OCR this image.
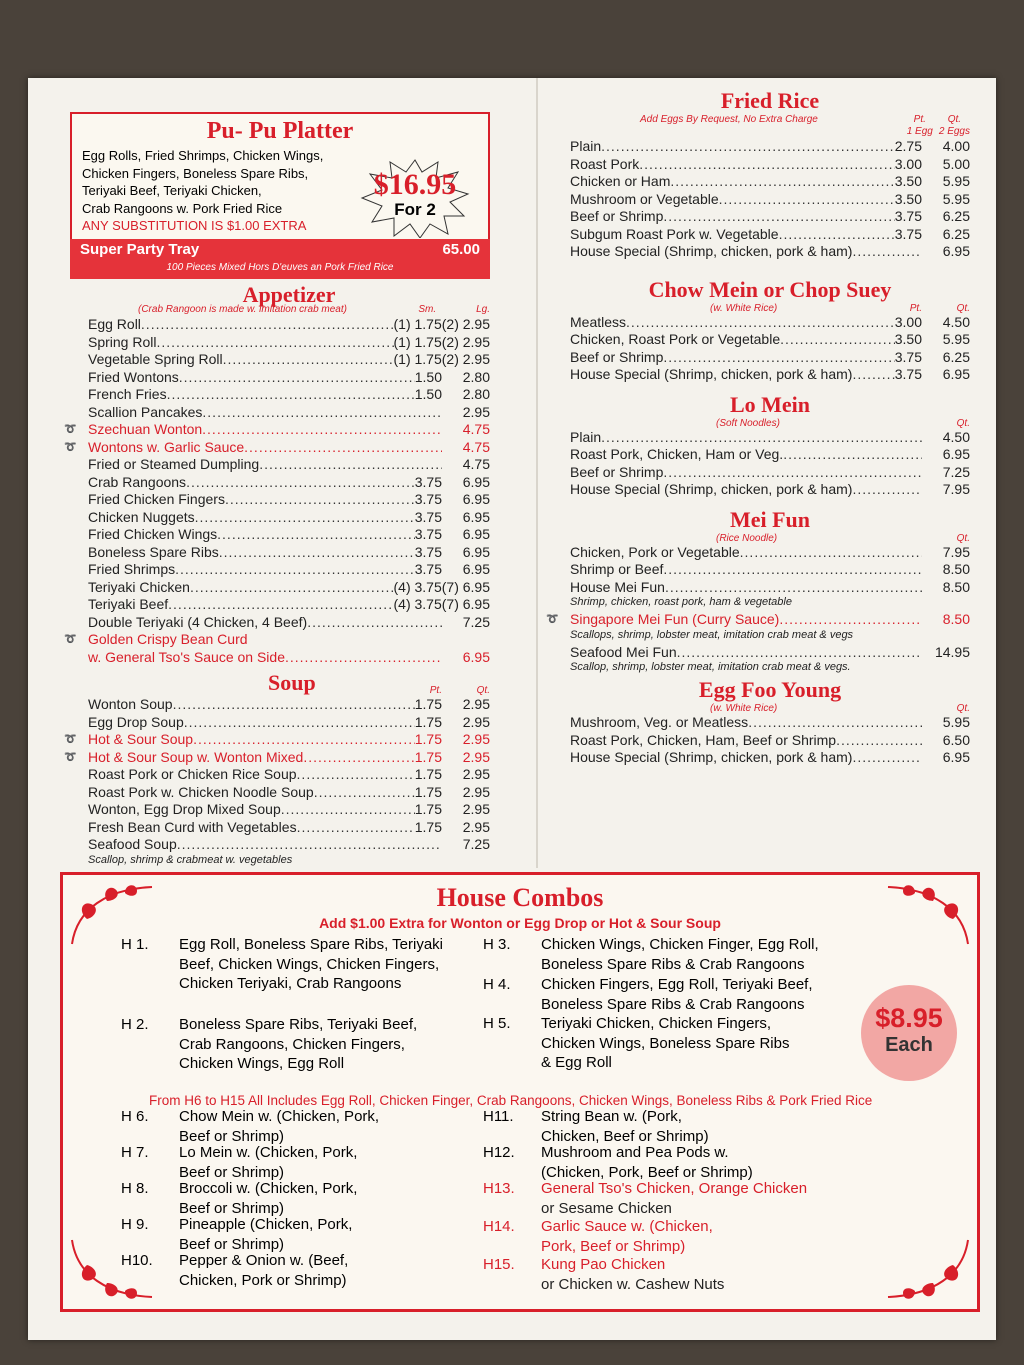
Pu- Pu Platter
Egg Rolls, Fried Shrimps, Chicken Wings,
Chicken Fingers, Boneless Spare Ribs,
Teriyaki Beef, Teriyaki Chicken,
Crab Rangoons w. Pork Fried Rice
ANY SUBSTITUTION IS $1.00 EXTRA
$16.95
For 2
Super Party Tray	65.00
100 Pieces Mixed Hors D'euves an Pork Fried Rice
Appetizer
(Crab Rangoon is made w. imitation crab meat)	Sm.	Lg.
Egg Roll .....	(1) 1.75 (2) 2.95
Spring Roll .....	(1) 1.75 (2) 2.95
Vegetable Spring Roll .....	(1) 1.75 (2) 2.95
Fried Wontons .....	1.50	2.80
French Fries .....	1.50	2.80
Scallion Pancakes .....	2.95
➰ Szechuan Wonton .....	4.75
➰ Wontons w. Garlic Sauce .....	4.75
Fried or Steamed Dumpling .....	4.75
Crab Rangoons .....	3.75	6.95
Fried Chicken Fingers .....	3.75	6.95
Chicken Nuggets .....	3.75	6.95
Fried Chicken Wings .....	3.75	6.95
Boneless Spare Ribs .....	3.75	6.95
Fried Shrimps .....	3.75	6.95
Teriyaki Chicken .....	(4) 3.75 (7) 6.95
Teriyaki Beef .....	(4) 3.75 (7) 6.95
Double Teriyaki (4 Chicken, 4 Beef) .....	7.25
➰ Golden Crispy Bean Curd
w. General Tso's Sauce on Side .....	6.95
Soup	Pt.	Qt.
Wonton Soup .....	1.75	2.95
Egg Drop Soup .....	1.75	2.95
➰ Hot & Sour Soup .....	1.75	2.95
➰ Hot & Sour Soup w. Wonton Mixed .....	1.75	2.95
Roast Pork or Chicken Rice Soup .....	1.75	2.95
Roast Pork w. Chicken Noodle Soup .....	1.75	2.95
Wonton, Egg Drop Mixed Soup .....	1.75	2.95
Fresh Bean Curd with Vegetables .....	1.75	2.95
Seafood Soup .....	7.25
Scallop, shrimp & crabmeat w. vegetables
Fried Rice
Add Eggs By Request, No Extra Charge	Pt.
1 Egg
Qt.
2 Eggs
Plain .....	2.75	4.00
Roast Pork .....	3.00	5.00
Chicken or Ham .....	3.50	5.95
Mushroom or Vegetable .....	3.50	5.95
Beef or Shrimp .....	3.75	6.25
Subgum Roast Pork w. Vegetable .....	3.75	6.25
House Special (Shrimp, chicken, pork & ham) .....	6.95
Chow Mein or Chop Suey
(w. White Rice)	Pt.	Qt.
Meatless .....	3.00	4.50
Chicken, Roast Pork or Vegetable .....	3.50	5.95
Beef or Shrimp .....	3.75	6.25
House Special (Shrimp, chicken, pork & ham) .....	3.75	6.95
Lo Mein
(Soft Noodles)	Qt.
Plain .....	4.50
Roast Pork, Chicken, Ham or Veg. .....	6.95
Beef or Shrimp .....	7.25
House Special (Shrimp, chicken, pork & ham) .....	7.95
Mei Fun
(Rice Noodle)	Qt.
Chicken, Pork or Vegetable .....	7.95
Shrimp or Beef .....	8.50
House Mei Fun .....	8.50
Shrimp, chicken, roast pork, ham & vegetable
➰ Singapore Mei Fun (Curry Sauce) .....	8.50
Scallops, shrimp, lobster meat, imitation crab meat & vegs
Seafood Mei Fun .....	14.95
Scallop, shrimp, lobster meat, imitation crab meat & vegs.
Egg Foo Young
(w. White Rice)	Qt.
Mushroom, Veg. or Meatless .....	5.95
Roast Pork, Chicken, Ham, Beef or Shrimp .....	6.50
House Special (Shrimp, chicken, pork & ham) .....	6.95
House Combos
Add $1.00 Extra for Wonton or Egg Drop or Hot & Sour Soup
H 1.	Egg Roll, Boneless Spare Ribs, Teriyaki Beef, Chicken Wings, Chicken Fingers, Chicken Teriyaki, Crab Rangoons
H 2.	Boneless Spare Ribs, Teriyaki Beef, Crab Rangoons, Chicken Fingers, Chicken Wings, Egg Roll
H 3.	Chicken Wings, Chicken Finger, Egg Roll, Boneless Spare Ribs & Crab Rangoons
H 4.	Chicken Fingers, Egg Roll, Teriyaki Beef, Boneless Spare Ribs & Crab Rangoons
H 5.	Teriyaki Chicken, Chicken Fingers, Chicken Wings, Boneless Spare Ribs & Egg Roll
$8.95
Each
From H6 to H15 All Includes Egg Roll, Chicken Finger, Crab Rangoons, Chicken Wings, Boneless Ribs & Pork Fried Rice
H 6.	Chow Mein w. (Chicken, Pork, Beef or Shrimp)
H 7.	Lo Mein w. (Chicken, Pork, Beef or Shrimp)
H 8.	Broccoli w. (Chicken, Pork, Beef or Shrimp)
H 9.	Pineapple (Chicken, Pork, Beef or Shrimp)
H10.	Pepper & Onion w. (Beef, Chicken, Pork or Shrimp)
H11.	String Bean w. (Pork, Chicken, Beef or Shrimp)
H12.	Mushroom and Pea Pods w. (Chicken, Pork, Beef or Shrimp)
H13.	General Tso's Chicken, Orange Chicken
or Sesame Chicken
H14.	Garlic Sauce w. (Chicken, Pork, Beef or Shrimp)
H15.	Kung Pao Chicken
or Chicken w. Cashew Nuts
